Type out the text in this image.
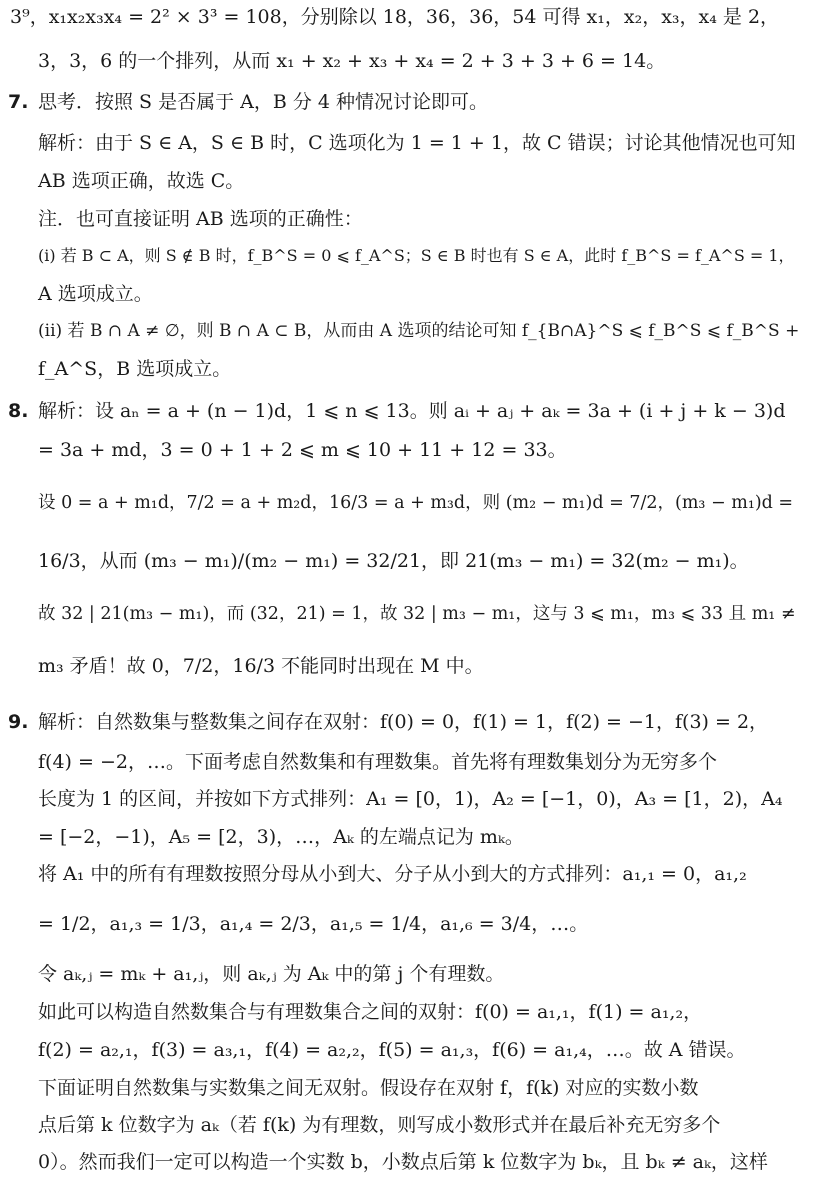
3⁹，x₁x₂x₃x₄ = 2² × 3³ = 108，分别除以 18，36，36，54 可得 x₁，x₂，x₃，x₄ 是 2，
3，3，6 的一个排列，从而 x₁ + x₂ + x₃ + x₄ = 2 + 3 + 3 + 6 = 14。
7. 思考．按照 S 是否属于 A，B 分 4 种情况讨论即可。
解析：由于 S ∈ A，S ∈ B 时，C 选项化为 1 = 1 + 1，故 C 错误；讨论其他情况也可知
AB 选项正确，故选 C。
注．也可直接证明 AB 选项的正确性：
(i) 若 B ⊂ A，则 S ∉ B 时，f_B^S = 0 ⩽ f_A^S；S ∈ B 时也有 S ∈ A，此时 f_B^S = f_A^S = 1，
A 选项成立。
(ii) 若 B ∩ A ≠ ∅，则 B ∩ A ⊂ B，从而由 A 选项的结论可知 f_{B∩A}^S ⩽ f_B^S ⩽ f_B^S +
f_A^S，B 选项成立。
8. 解析：设 aₙ = a + (n − 1)d，1 ⩽ n ⩽ 13。则 aᵢ + aⱼ + aₖ = 3a + (i + j + k − 3)d
= 3a + md，3 = 0 + 1 + 2 ⩽ m ⩽ 10 + 11 + 12 = 33。
设 0 = a + m₁d，7/2 = a + m₂d，16/3 = a + m₃d，则 (m₂ − m₁)d = 7/2，(m₃ − m₁)d =
16/3，从而 (m₃ − m₁)/(m₂ − m₁) = 32/21，即 21(m₃ − m₁) = 32(m₂ − m₁)。
故 32 | 21(m₃ − m₁)，而 (32，21) = 1，故 32 | m₃ − m₁，这与 3 ⩽ m₁，m₃ ⩽ 33 且 m₁ ≠
m₃ 矛盾！故 0，7/2，16/3 不能同时出现在 M 中。
9. 解析：自然数集与整数集之间存在双射：f(0) = 0，f(1) = 1，f(2) = −1，f(3) = 2，
f(4) = −2，…。下面考虑自然数集和有理数集。首先将有理数集划分为无穷多个
长度为 1 的区间，并按如下方式排列：A₁ = [0，1)，A₂ = [−1，0)，A₃ = [1，2)，A₄
= [−2，−1)，A₅ = [2，3)，…，Aₖ 的左端点记为 mₖ。
将 A₁ 中的所有有理数按照分母从小到大、分子从小到大的方式排列：a₁,₁ = 0，a₁,₂
= 1/2，a₁,₃ = 1/3，a₁,₄ = 2/3，a₁,₅ = 1/4，a₁,₆ = 3/4，…。
令 aₖ,ⱼ = mₖ + a₁,ⱼ，则 aₖ,ⱼ 为 Aₖ 中的第 j 个有理数。
如此可以构造自然数集合与有理数集合之间的双射：f(0) = a₁,₁，f(1) = a₁,₂，
f(2) = a₂,₁，f(3) = a₃,₁，f(4) = a₂,₂，f(5) = a₁,₃，f(6) = a₁,₄，…。故 A 错误。
下面证明自然数集与实数集之间无双射。假设存在双射 f，f(k) 对应的实数小数
点后第 k 位数字为 aₖ（若 f(k) 为有理数，则写成小数形式并在最后补充无穷多个
0）。然而我们一定可以构造一个实数 b，小数点后第 k 位数字为 bₖ，且 bₖ ≠ aₖ，这样
